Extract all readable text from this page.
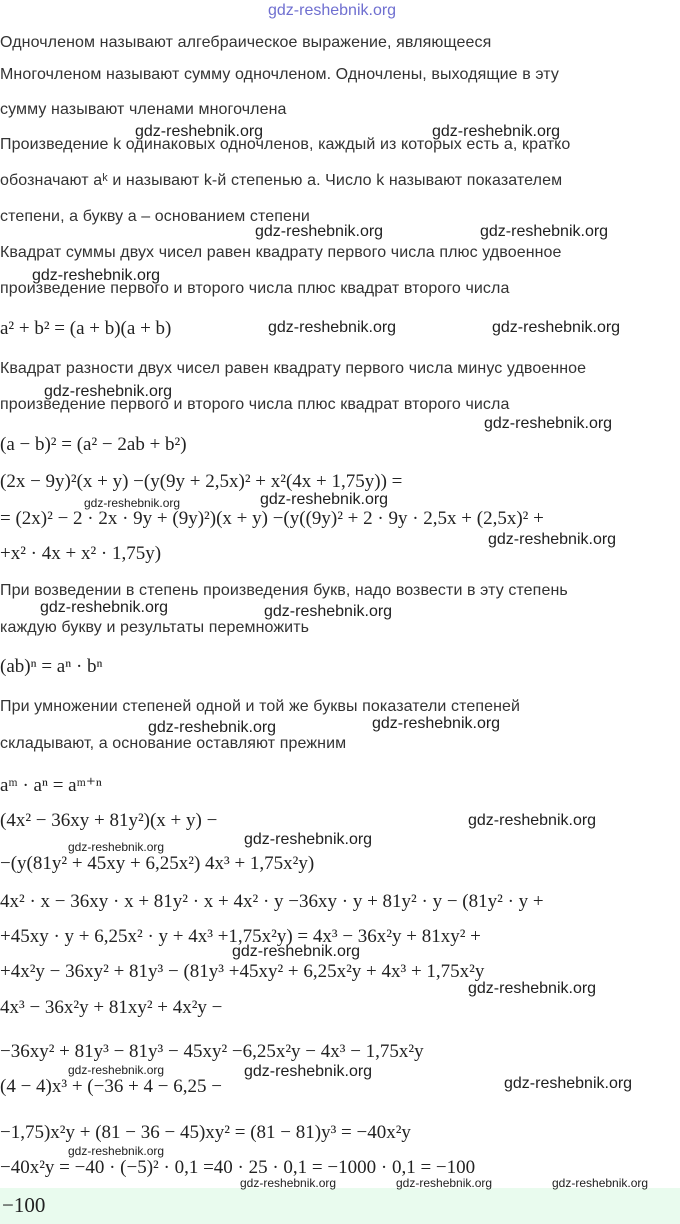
gdz-reshebnik.org
Одночленом называют алгебраическое выражение, являющееся
Многочленом называют сумму одночленом. Одночлены, выходящие в эту
сумму называют членами многочлена
Произведение k одинаковых одночленов, каждый из которых есть a, кратко
обозначают aᵏ и называют k-й степенью a. Число k называют показателем
степени, а букву a – основанием степени
Квадрат суммы двух чисел равен квадрату первого числа плюс удвоенное
произведение первого и второго числа плюс квадрат второго числа
a² + b² = (a + b)(a + b)
Квадрат разности двух чисел равен квадрату первого числа минус удвоенное
произведение первого и второго числа плюс квадрат второго числа
(a − b)² = (a² − 2ab + b²)
(2x − 9y)²(x + y) −(y(9y + 2,5x)² + x²(4x + 1,75y)) =
= (2x)² − 2 · 2x · 9y + (9y)²)(x + y) −(y((9y)² + 2 · 9y · 2,5x + (2,5x)² +
+x² · 4x + x² · 1,75y)
При возведении в степень произведения букв, надо возвести в эту степень
каждую букву и результаты перемножить
(ab)ⁿ = aⁿ · bⁿ
При умножении степеней одной и той же буквы показатели степеней
складывают, а основание оставляют прежним
aᵐ · aⁿ = aᵐ⁺ⁿ
(4x² − 36xy + 81y²)(x + y) −
−(y(81y² + 45xy + 6,25x²) 4x³ + 1,75x²y)
4x² · x − 36xy · x + 81y² · x + 4x² · y −36xy · y + 81y² · y − (81y² · y +
+45xy · y + 6,25x² · y + 4x³ +1,75x²y) = 4x³ − 36x²y + 81xy² +
+4x²y − 36xy² + 81y³ − (81y³ +45xy² + 6,25x²y + 4x³ + 1,75x²y
4x³ − 36x²y + 81xy² + 4x²y −
−36xy² + 81y³ − 81y³ − 45xy² −6,25x²y − 4x³ − 1,75x²y
(4 − 4)x³ + (−36 + 4 − 6,25 −
−1,75)x²y + (81 − 36 − 45)xy² = (81 − 81)y³ = −40x²y
−40x²y = −40 · (−5)² · 0,1 =40 · 25 · 0,1 = −1000 · 0,1 = −100
−100
gdz-reshebnik.org	gdz-reshebnik.org
gdz-reshebnik.org	gdz-reshebnik.org
gdz-reshebnik.org
gdz-reshebnik.org	gdz-reshebnik.org
gdz-reshebnik.org
gdz-reshebnik.org
gdz-reshebnik.org
gdz-reshebnik.org
gdz-reshebnik.org	gdz-reshebnik.org
gdz-reshebnik.org	gdz-reshebnik.org
gdz-reshebnik.org
gdz-reshebnik.org
gdz-reshebnik.org
gdz-reshebnik.org
gdz-reshebnik.org
gdz-reshebnik.org
gdz-reshebnik.org
gdz-reshebnik.org
gdz-reshebnik.org
gdz-reshebnik.org
gdz-reshebnik.org	gdz-reshebnik.org	gdz-reshebnik.org
